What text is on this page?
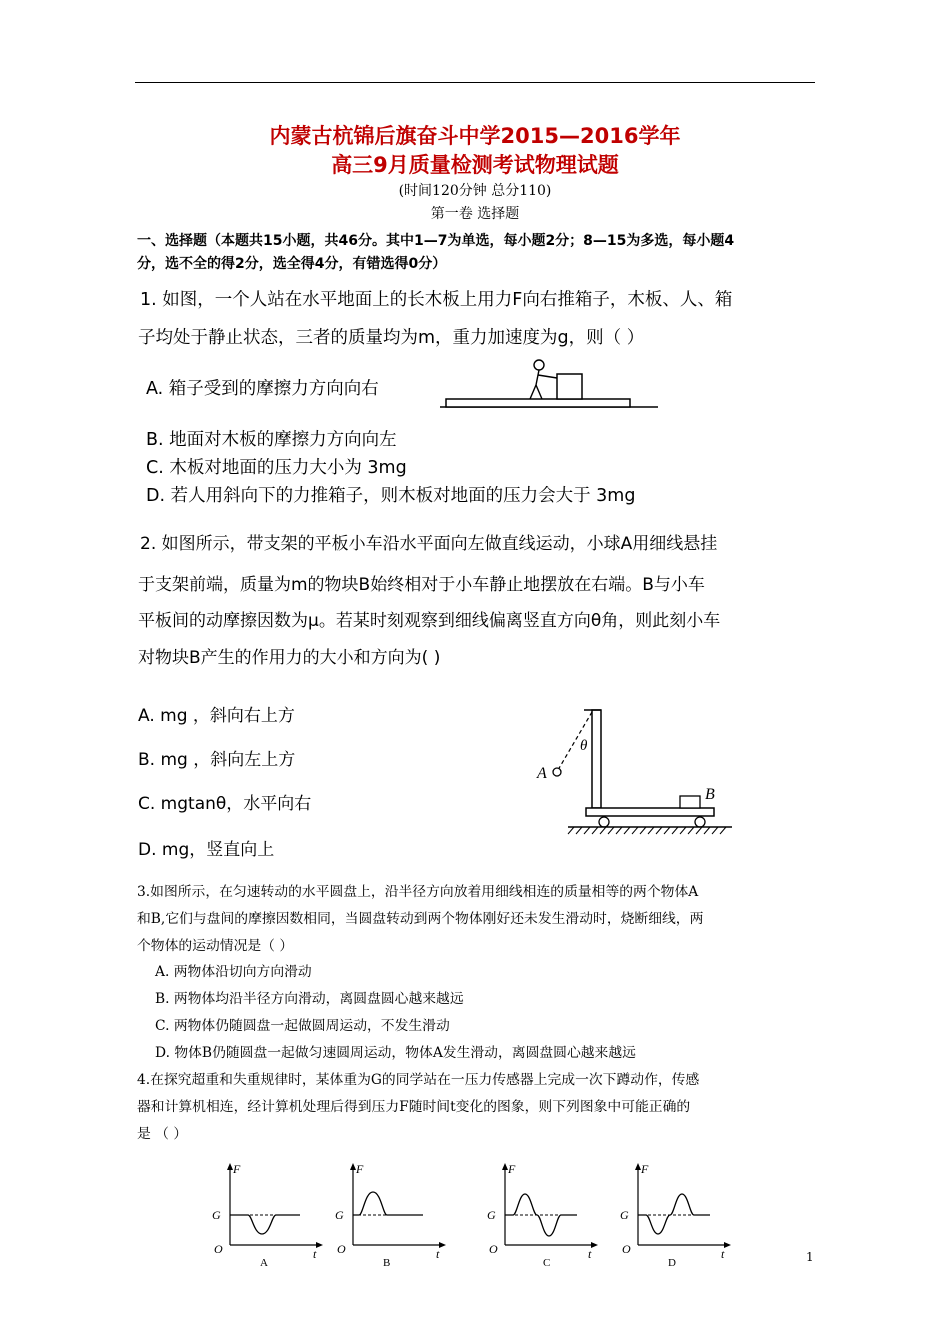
内蒙古杭锦后旗奋斗中学2015—2016学年
高三9月质量检测考试物理试题
(时间120分钟 总分110)
第一卷 选择题
一、选择题（本题共15小题，共46分。其中1—7为单选，每小题2分；8—15为多选，每小题4
分，选不全的得2分，选全得4分，有错选得0分）
1. 如图，一个人站在水平地面上的长木板上用力F向右推箱子，木板、人、箱
子均处于静止状态，三者的质量均为m，重力加速度为g，则（ ）
A. 箱子受到的摩擦力方向向右
B. 地面对木板的摩擦力方向向左
C. 木板对地面的压力大小为 3mg
D. 若人用斜向下的力推箱子，则木板对地面的压力会大于 3mg
2. 如图所示，带支架的平板小车沿水平面向左做直线运动，小球A用细线悬挂
于支架前端，质量为m的物块B始终相对于小车静止地摆放在右端。B与小车
平板间的动摩擦因数为μ。若某时刻观察到细线偏离竖直方向θ角，则此刻小车
对物块B产生的作用力的大小和方向为( )
A. mg ，斜向右上方
B. mg ，斜向左上方
C. mgtanθ，水平向右
D. mg，竖直向上
θ
A
B
3.如图所示，在匀速转动的水平圆盘上，沿半径方向放着用细线相连的质量相等的两个物体A
和B,它们与盘间的摩擦因数相同，当圆盘转动到两个物体刚好还未发生滑动时，烧断细线，两
个物体的运动情况是（ ）
A. 两物体沿切向方向滑动
B. 两物体均沿半径方向滑动，离圆盘圆心越来越远
C. 两物体仍随圆盘一起做圆周运动，不发生滑动
D. 物体B仍随圆盘一起做匀速圆周运动，物体A发生滑动，离圆盘圆心越来越远
4.在探究超重和失重规律时，某体重为G的同学站在一压力传感器上完成一次下蹲动作，传感
器和计算机相连，经计算机处理后得到压力F随时间t变化的图象，则下列图象中可能正确的
是 （ ）
F
G
O	t
A
F
G
O	t
B
F
G
O	t
C
F
G
O	t
D	1
